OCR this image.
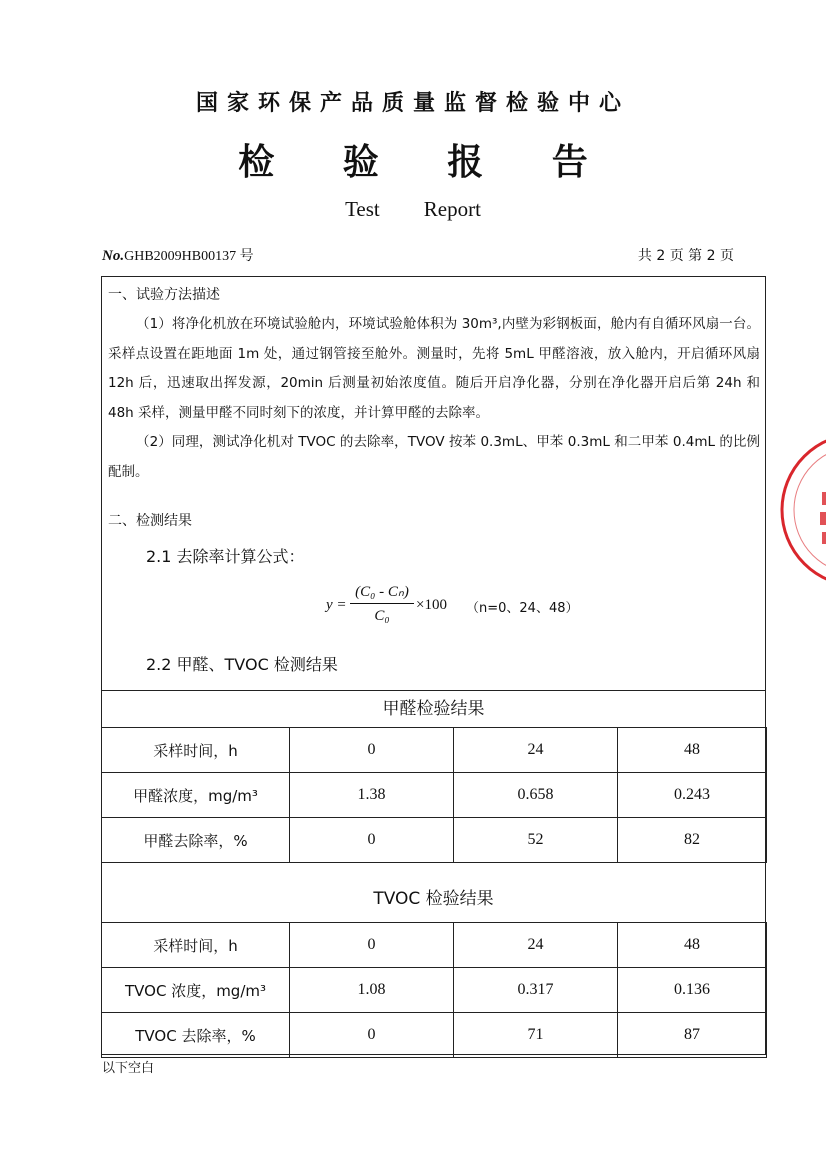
国家环保产品质量监督检验中心
检 验 报 告
Test Report
No.GHB2009HB00137 号	共 2 页 第 2 页
一、试验方法描述

（1）将净化机放在环境试验舱内，环境试验舱体积为 30m³,内壁为彩钢板面，舱内有自循环风扇一台。采样点设置在距地面 1m 处，通过钢管接至舱外。测量时，先将 5mL 甲醛溶液，放入舱内，开启循环风扇 12h 后，迅速取出挥发源，20min 后测量初始浓度值。随后开启净化器，分别在净化器开启后第 24h 和 48h 采样，测量甲醛不同时刻下的浓度，并计算甲醛的去除率。

（2）同理，测试净化机对 TVOC 的去除率，TVOV 按苯 0.3mL、甲苯 0.3mL 和二甲苯 0.4mL 的比例配制。

二、检测结果
2.1 去除率计算公式：
$y = \frac{\text{(C₀ - Cₙ)}}{\text{C₀}} \times 100$ （n=0、24、48）
2.2 甲醛、TVOC 检测结果
甲醛检验结果
采样时间，h	0	24	48
甲醛浓度，mg/m³	1.38	0.658	0.243
甲醛去除率，%	0	52	82
TVOC 检验结果
采样时间，h	0	24	48
TVOC 浓度，mg/m³	1.08	0.317	0.136
TVOC 去除率，%	0	71	87
以下空白
